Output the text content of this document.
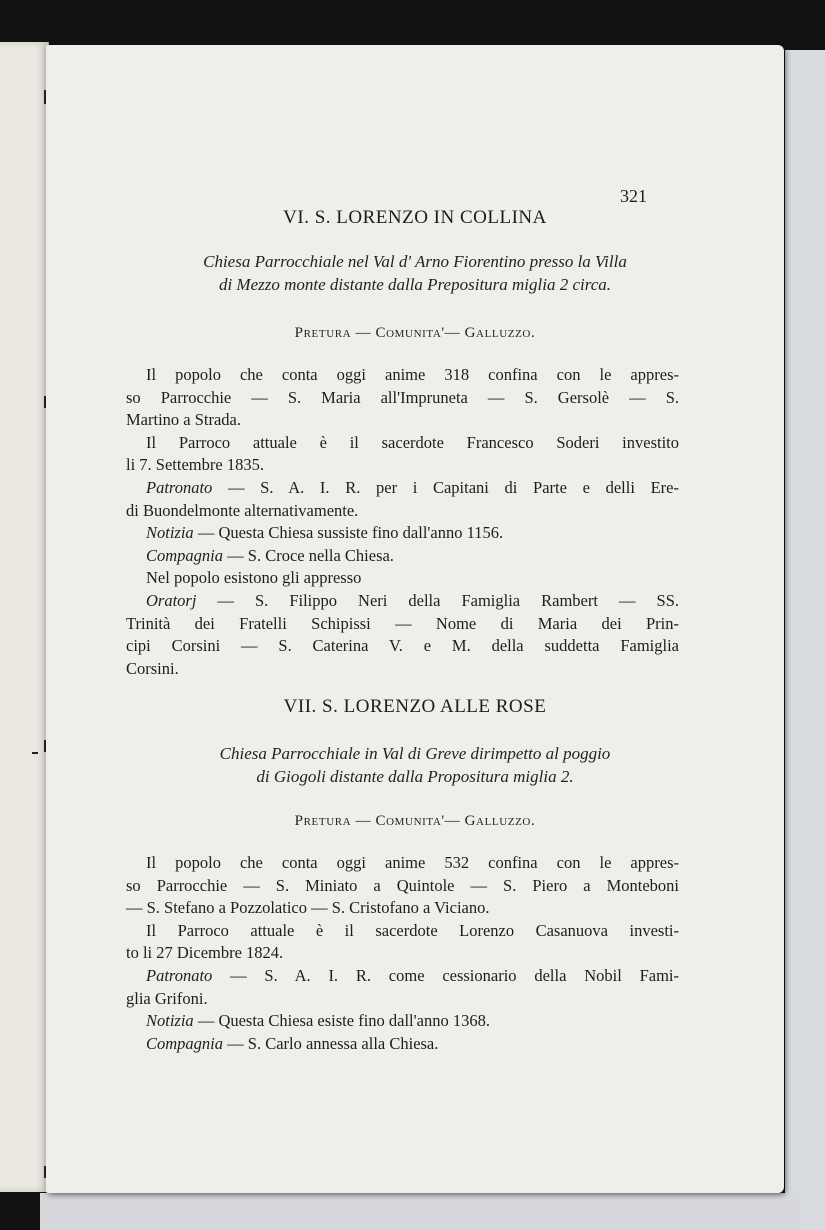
321
VI. S. LORENZO IN COLLINA
Chiesa Parrocchiale nel Val d' Arno Fiorentino presso la Villa
di Mezzo monte distante dalla Prepositura miglia 2 circa.
Pretura — Comunita'— Galluzzo.
Il popolo che conta oggi anime 318 confina con le appres-
so Parrocchie — S. Maria all'Impruneta — S. Gersolè — S.
Martino a Strada.
Il Parroco attuale è il sacerdote Francesco Soderi investito
li 7. Settembre 1835.
Patronato — S. A. I. R. per i Capitani di Parte e delli Ere-
di Buondelmonte alternativamente.
Notizia — Questa Chiesa sussiste fino dall'anno 1156.
Compagnia — S. Croce nella Chiesa.
Nel popolo esistono gli appresso
Oratorj — S. Filippo Neri della Famiglia Rambert — SS.
Trinità dei Fratelli Schipissi — Nome di Maria dei Prin-
cipi Corsini — S. Caterina V. e M. della suddetta Famiglia
Corsini.
VII. S. LORENZO ALLE ROSE
Chiesa Parrocchiale in Val di Greve dirimpetto al poggio
di Giogoli distante dalla Propositura miglia 2.
Pretura — Comunita'— Galluzzo.
Il popolo che conta oggi anime 532 confina con le appres-
so Parrocchie — S. Miniato a Quintole — S. Piero a Monteboni
— S. Stefano a Pozzolatico — S. Cristofano a Viciano.
Il Parroco attuale è il sacerdote Lorenzo Casanuova investi-
to li 27 Dicembre 1824.
Patronato — S. A. I. R. come cessionario della Nobil Fami-
glia Grifoni.
Notizia — Questa Chiesa esiste fino dall'anno 1368.
Compagnia — S. Carlo annessa alla Chiesa.
